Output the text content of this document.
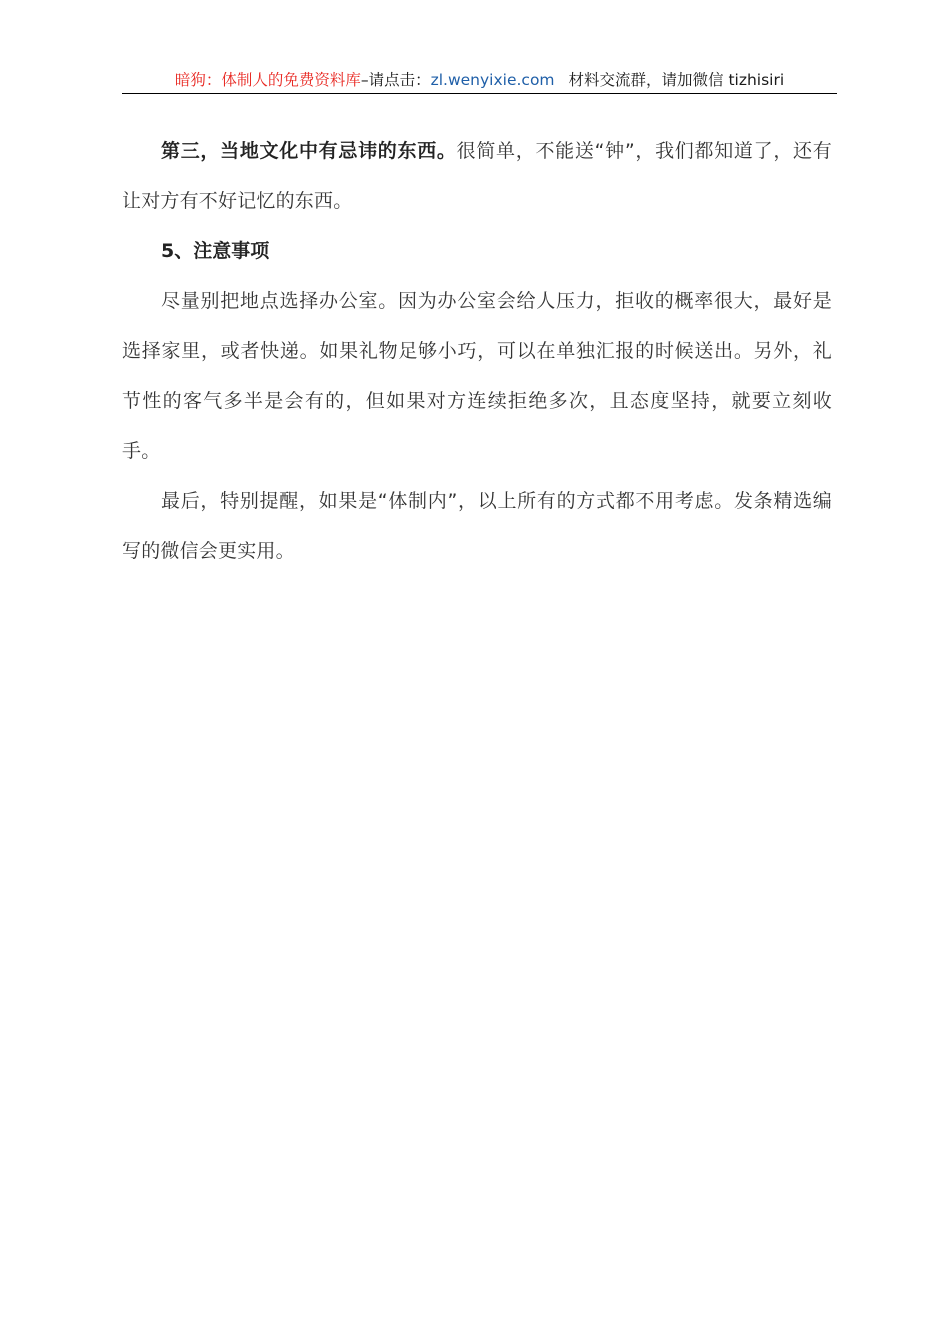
暗狗：体制人的免费资料库–请点击：zl.wenyixie.com 材料交流群，请加微信 tizhisiri

第三，当地文化中有忌讳的东西。很简单，不能送“钟”，我们都知道了，还有让对方有不好记忆的东西。

5、注意事项

尽量别把地点选择办公室。因为办公室会给人压力，拒收的概率很大，最好是选择家里，或者快递。如果礼物足够小巧，可以在单独汇报的时候送出。另外，礼节性的客气多半是会有的，但如果对方连续拒绝多次，且态度坚持，就要立刻收手。

最后，特别提醒，如果是“体制内”，以上所有的方式都不用考虑。发条精选编写的微信会更实用。
